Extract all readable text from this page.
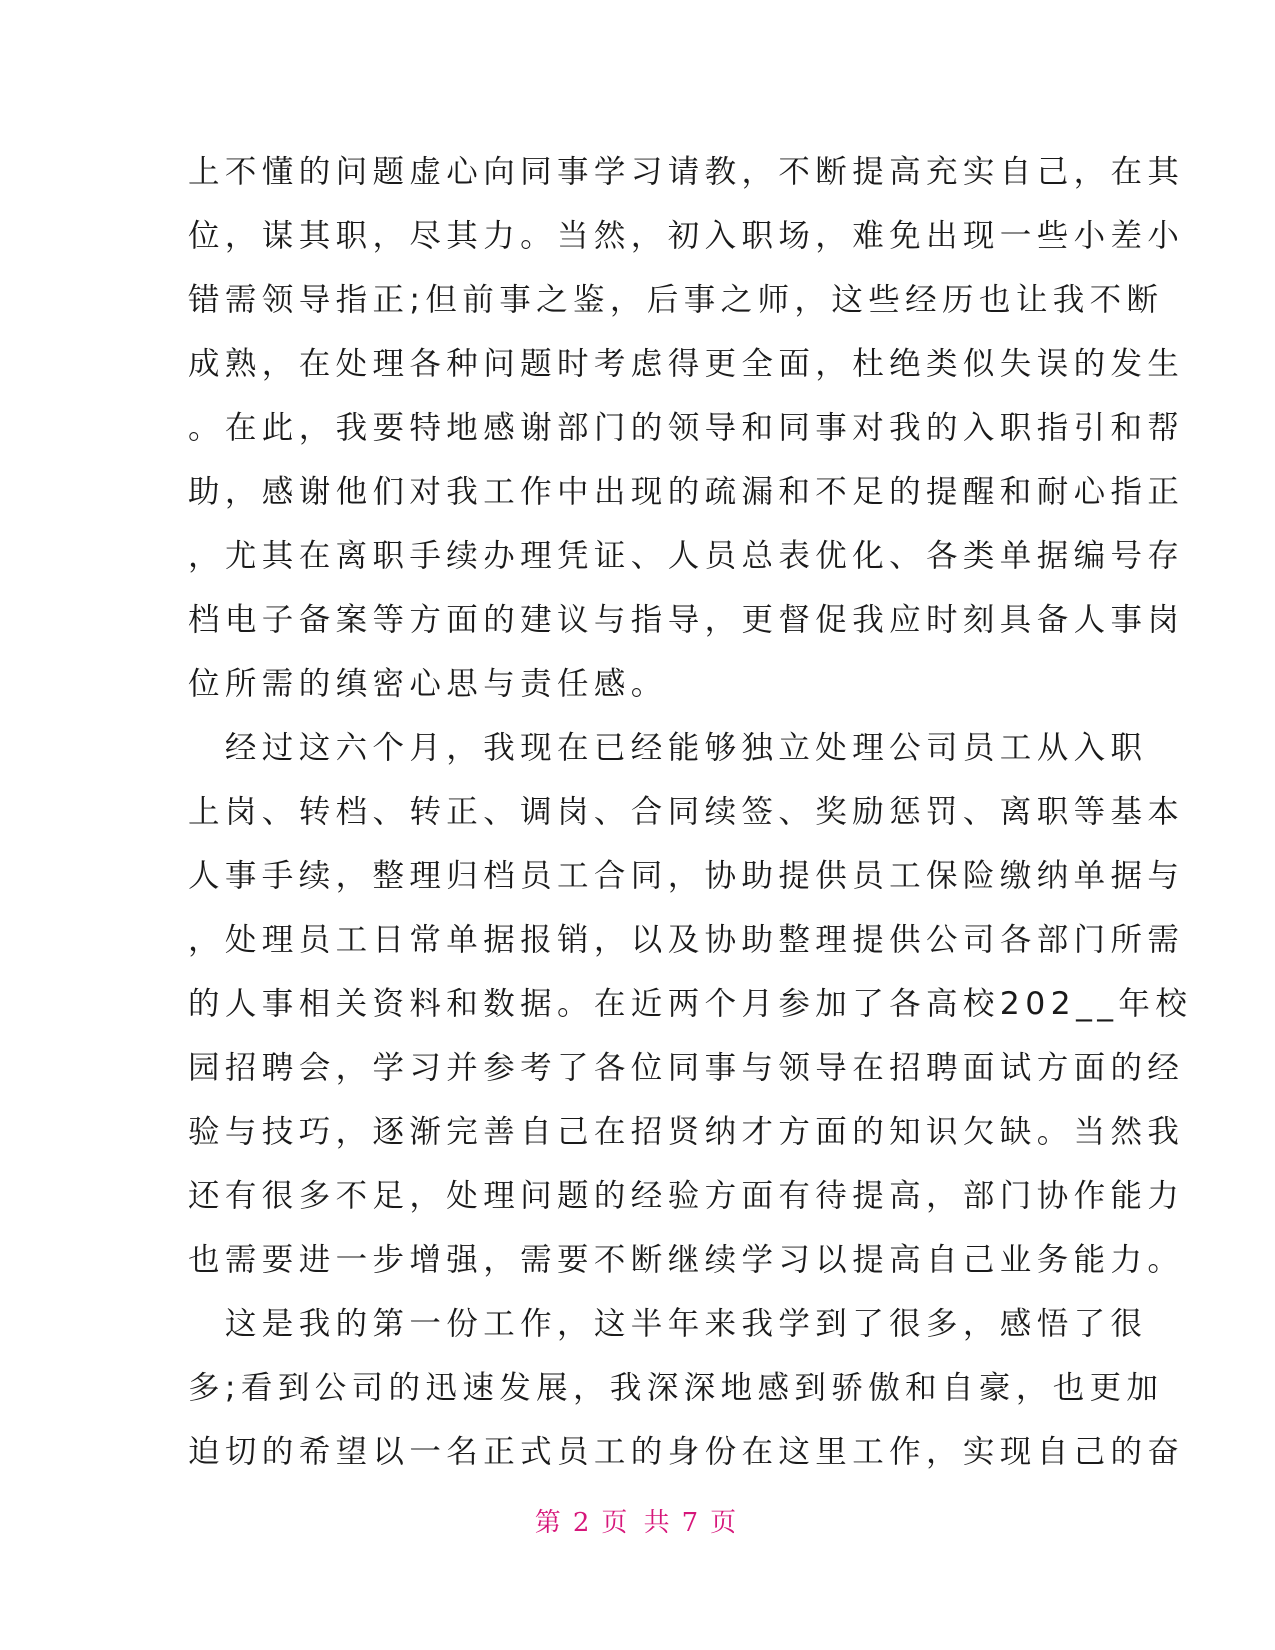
上不懂的问题虚心向同事学习请教，不断提高充实自己，在其

位，谋其职，尽其力。当然，初入职场，难免出现一些小差小

错需领导指正;但前事之鉴，后事之师，这些经历也让我不断

成熟，在处理各种问题时考虑得更全面，杜绝类似失误的发生

。在此，我要特地感谢部门的领导和同事对我的入职指引和帮

助，感谢他们对我工作中出现的疏漏和不足的提醒和耐心指正

，尤其在离职手续办理凭证、人员总表优化、各类单据编号存

档电子备案等方面的建议与指导，更督促我应时刻具备人事岗

位所需的缜密心思与责任感。

　经过这六个月，我现在已经能够独立处理公司员工从入职

上岗、转档、转正、调岗、合同续签、奖励惩罚、离职等基本

人事手续，整理归档员工合同，协助提供员工保险缴纳单据与

，处理员工日常单据报销，以及协助整理提供公司各部门所需

的人事相关资料和数据。在近两个月参加了各高校202__年校

园招聘会，学习并参考了各位同事与领导在招聘面试方面的经

验与技巧，逐渐完善自己在招贤纳才方面的知识欠缺。当然我

还有很多不足，处理问题的经验方面有待提高，部门协作能力

也需要进一步增强，需要不断继续学习以提高自己业务能力。

　这是我的第一份工作，这半年来我学到了很多，感悟了很

多;看到公司的迅速发展，我深深地感到骄傲和自豪，也更加

迫切的希望以一名正式员工的身份在这里工作，实现自己的奋

第 2 页 共 7 页
